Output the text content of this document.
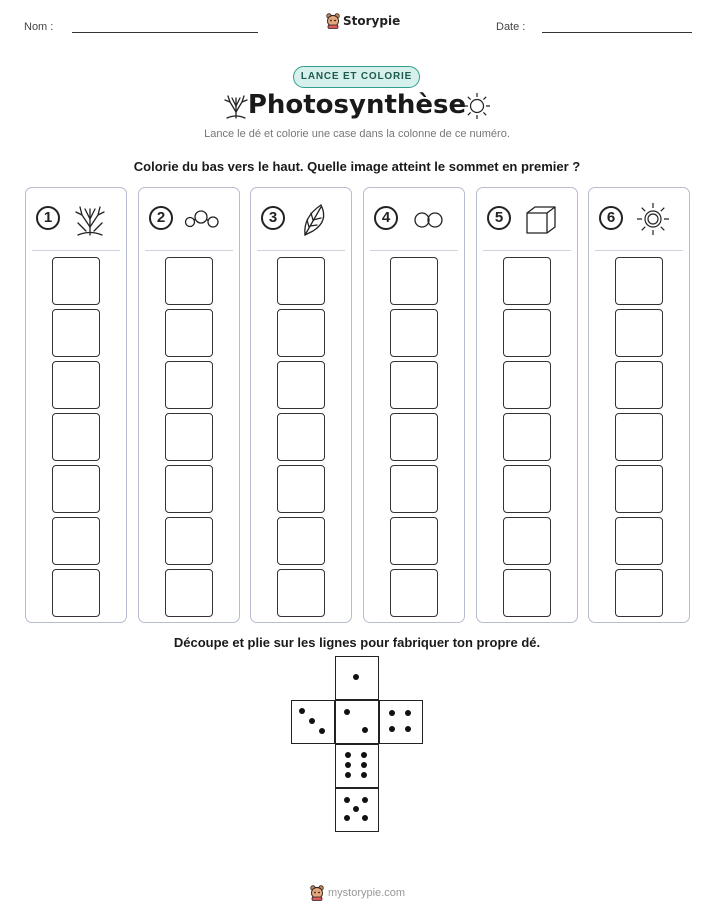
Nom :	Storypie	Date :
LANCE ET COLORIE
Photosynthèse
Lance le dé et colorie une case dans la colonne de ce numéro.
Colorie du bas vers le haut. Quelle image atteint le sommet en premier ?
1	2	3	4	5	6
Découpe et plie sur les lignes pour fabriquer ton propre dé.
mystorypie.com
